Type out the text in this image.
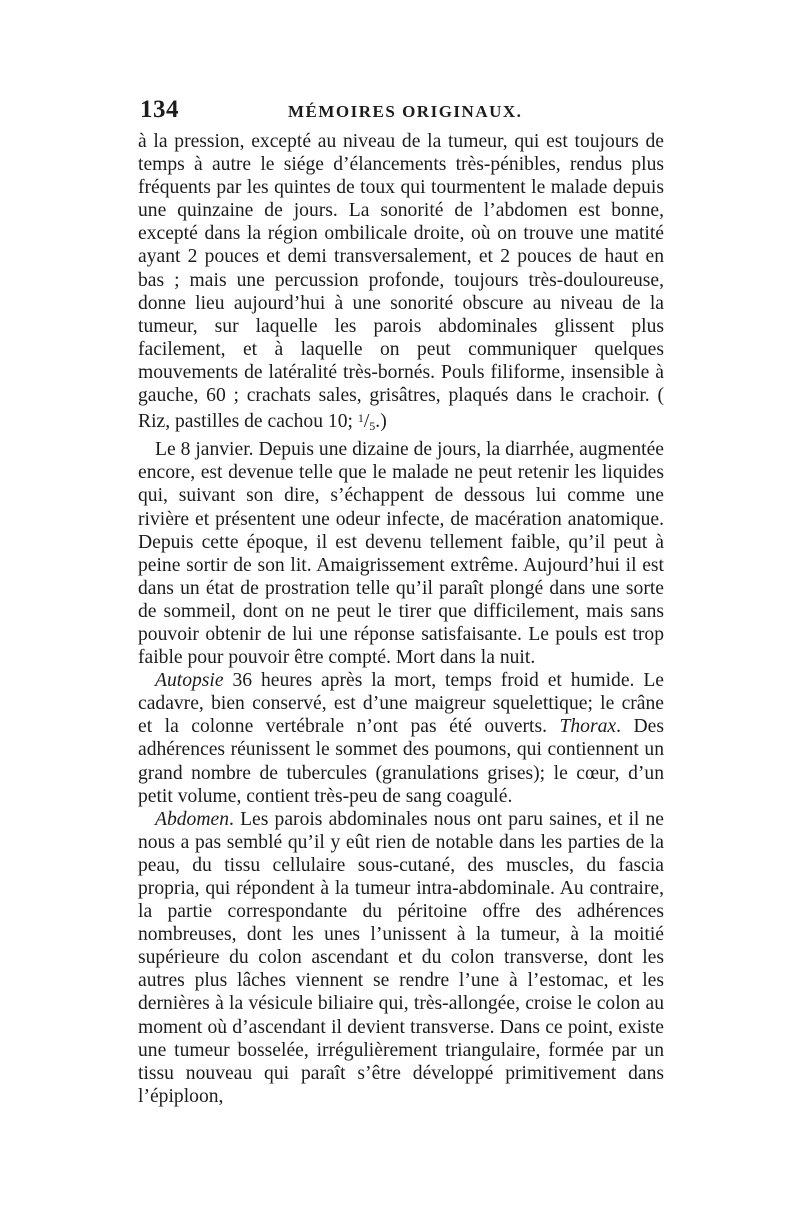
134	MÉMOIRES ORIGINAUX.

à la pression, excepté au niveau de la tumeur, qui est toujours de temps à autre le siége d’élancements très-pénibles, rendus plus fréquents par les quintes de toux qui tourmentent le malade depuis une quinzaine de jours. La sonorité de l’abdomen est bonne, excepté dans la région ombilicale droite, où on trouve une matité ayant 2 pouces et demi transversalement, et 2 pouces de haut en bas ; mais une percussion profonde, toujours très-douloureuse, donne lieu aujourd’hui à une sonorité obscure au niveau de la tumeur, sur laquelle les parois abdominales glissent plus facilement, et à laquelle on peut communiquer quelques mouvements de latéralité très-bornés. Pouls filiforme, insensible à gauche, 60 ; crachats sales, grisâtres, plaqués dans le crachoir. ( Riz, pastilles de cachou 10; $^1$/5.)

Le 8 janvier. Depuis une dizaine de jours, la diarrhée, augmentée encore, est devenue telle que le malade ne peut retenir les liquides qui, suivant son dire, s’échappent de dessous lui comme une rivière et présentent une odeur infecte, de macération anatomique. Depuis cette époque, il est devenu tellement faible, qu’il peut à peine sortir de son lit. Amaigrissement extrême. Aujourd’hui il est dans un état de prostration telle qu’il paraît plongé dans une sorte de sommeil, dont on ne peut le tirer que difficilement, mais sans pouvoir obtenir de lui une réponse satisfaisante. Le pouls est trop faible pour pouvoir être compté. Mort dans la nuit.

Autopsie 36 heures après la mort, temps froid et humide. Le cadavre, bien conservé, est d’une maigreur squelettique; le crâne et la colonne vertébrale n’ont pas été ouverts. Thorax. Des adhérences réunissent le sommet des poumons, qui contiennent un grand nombre de tubercules (granulations grises); le cœur, d’un petit volume, contient très-peu de sang coagulé.

Abdomen. Les parois abdominales nous ont paru saines, et il ne nous a pas semblé qu’il y eût rien de notable dans les parties de la peau, du tissu cellulaire sous-cutané, des muscles, du fascia propria, qui répondent à la tumeur intra-abdominale. Au contraire, la partie correspondante du péritoine offre des adhérences nombreuses, dont les unes l’unissent à la tumeur, à la moitié supérieure du colon ascendant et du colon transverse, dont les autres plus lâches viennent se rendre l’une à l’estomac, et les dernières à la vésicule biliaire qui, très-allongée, croise le colon au moment où d’ascendant il devient transverse. Dans ce point, existe une tumeur bosselée, irrégulièrement triangulaire, formée par un tissu nouveau qui paraît s’être développé primitivement dans l’épiploon,
